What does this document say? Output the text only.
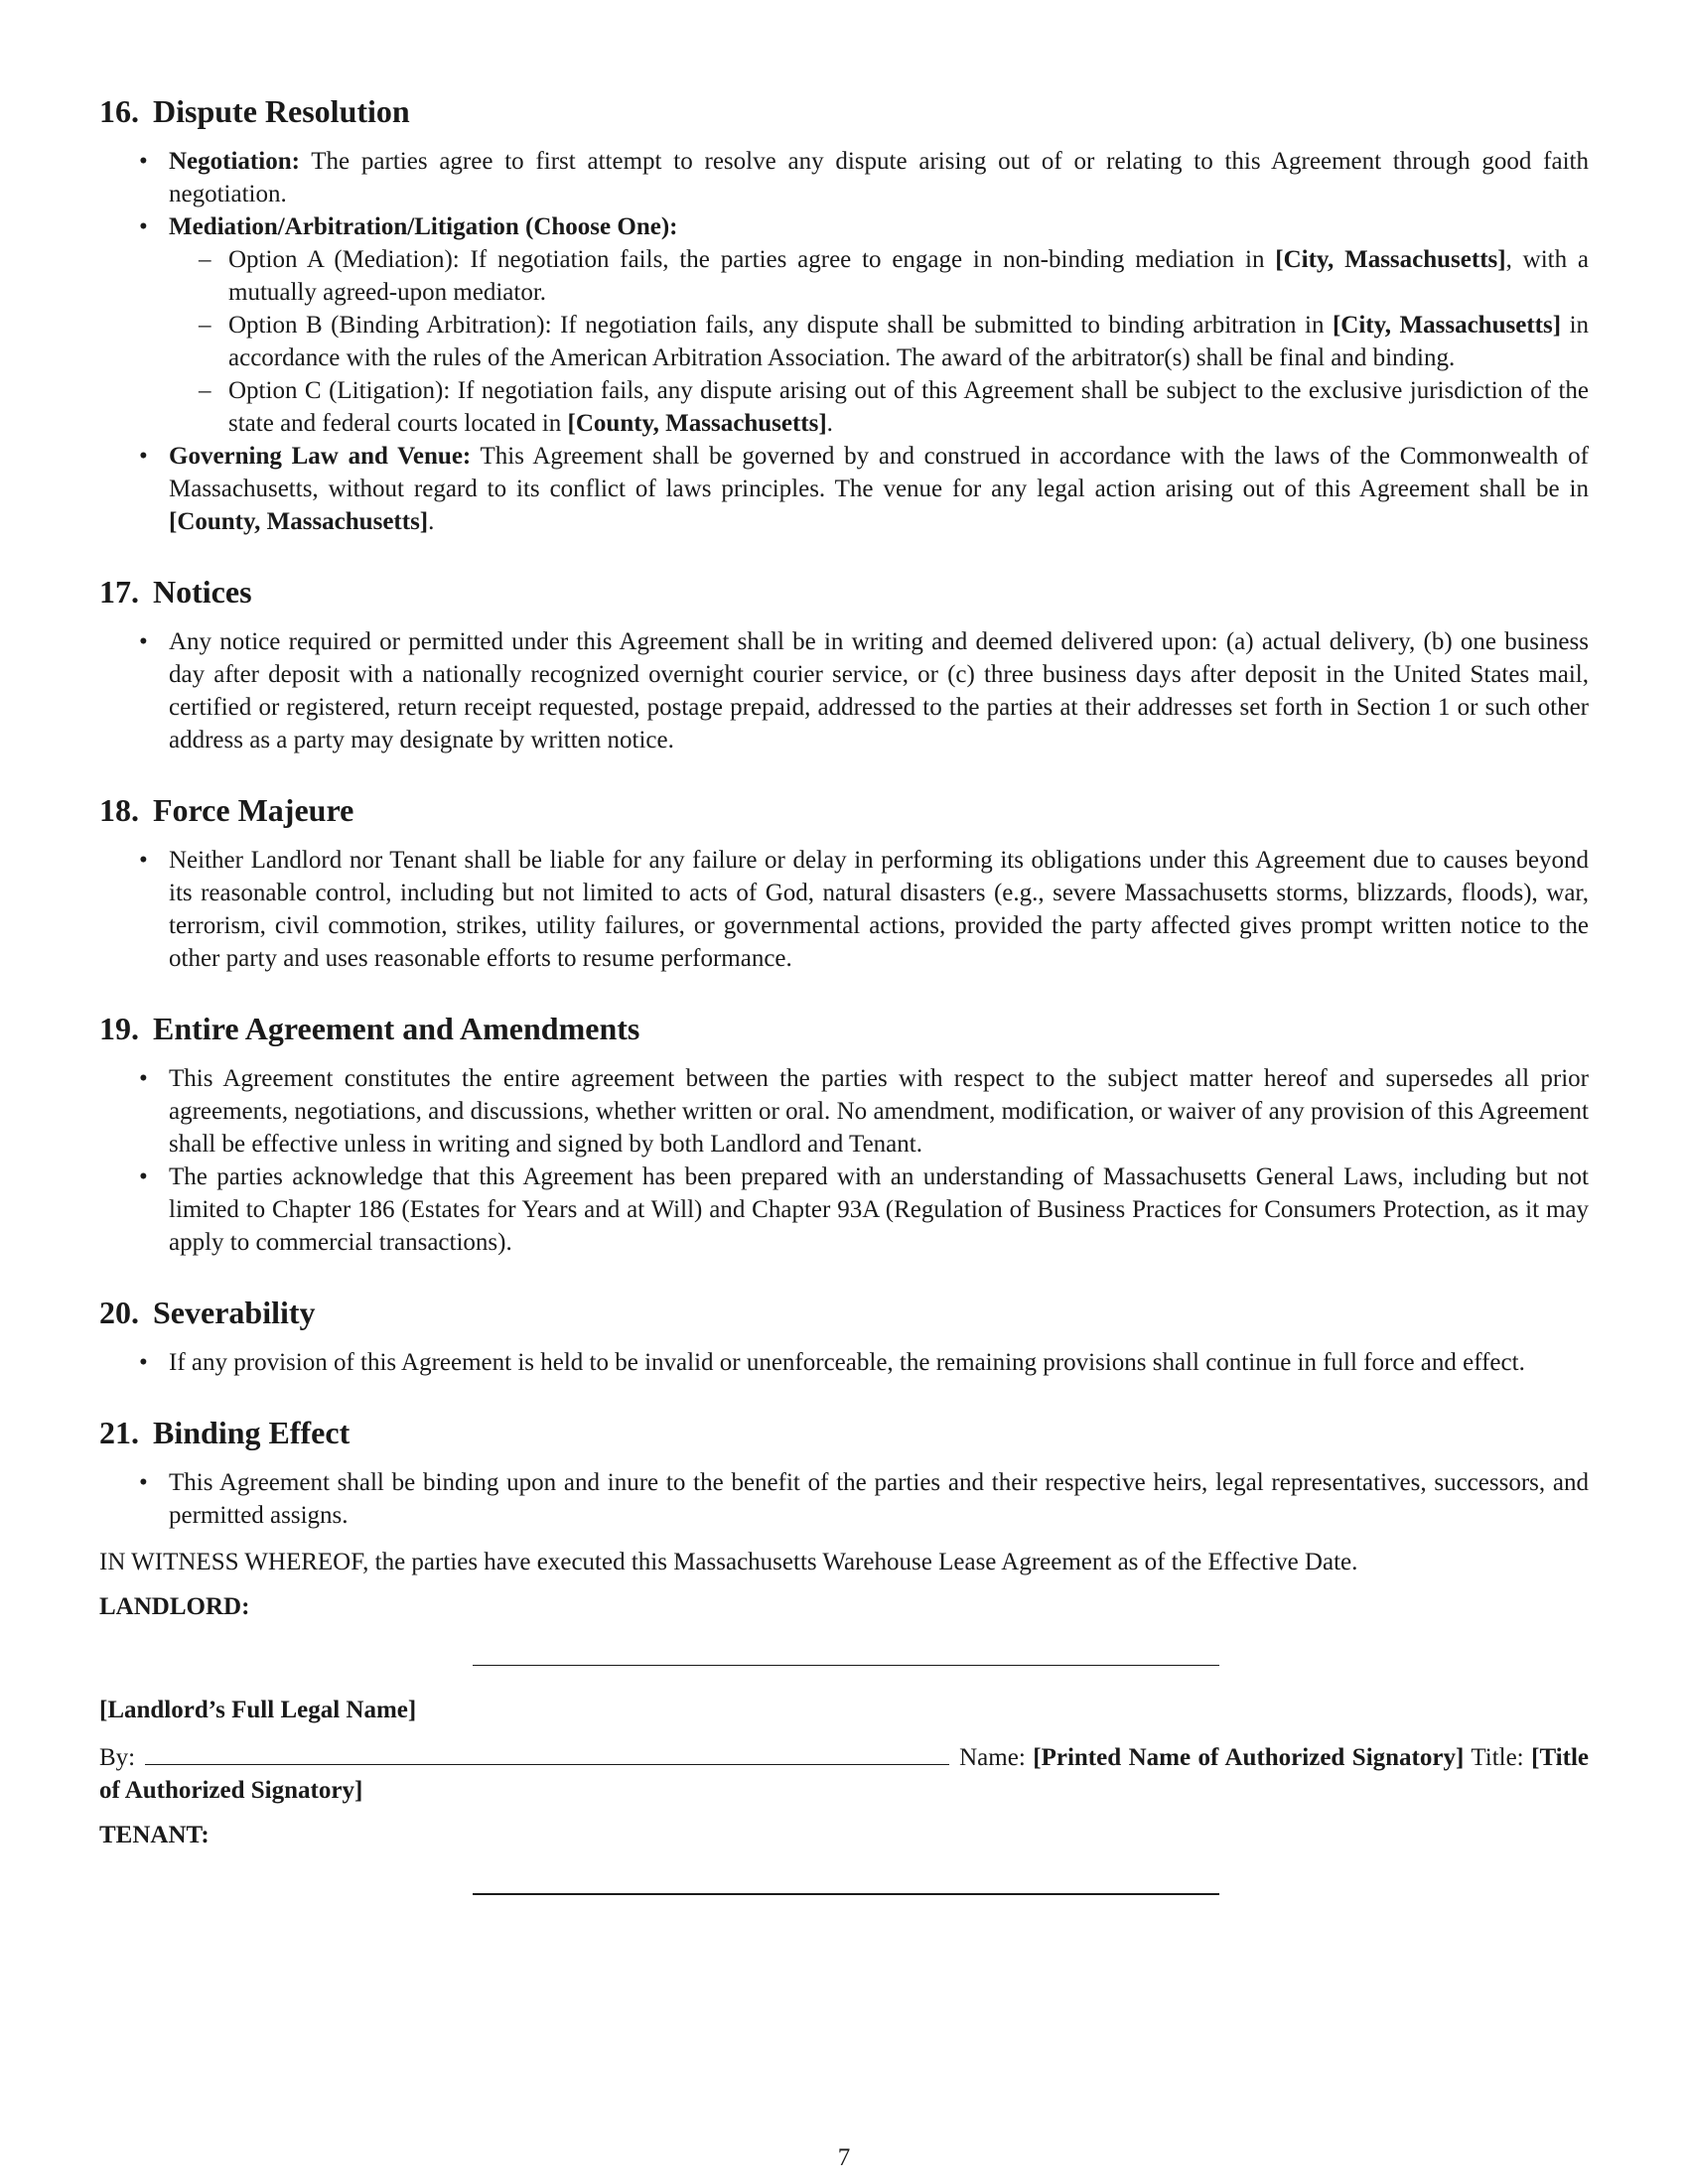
16. Dispute Resolution
• Negotiation: The parties agree to first attempt to resolve any dispute arising out of or relating to this Agreement through good faith negotiation.
• Mediation/Arbitration/Litigation (Choose One):
– Option A (Mediation): If negotiation fails, the parties agree to engage in non-binding mediation in [City, Massachusetts], with a mutually agreed-upon mediator.
– Option B (Binding Arbitration): If negotiation fails, any dispute shall be submitted to binding arbitration in [City, Massachusetts] in accordance with the rules of the American Arbitration Association. The award of the arbitrator(s) shall be final and binding.
– Option C (Litigation): If negotiation fails, any dispute arising out of this Agreement shall be subject to the exclusive jurisdiction of the state and federal courts located in [County, Massachusetts].
• Governing Law and Venue: This Agreement shall be governed by and construed in accordance with the laws of the Commonwealth of Massachusetts, without regard to its conflict of laws principles. The venue for any legal action arising out of this Agreement shall be in [County, Massachusetts].
17. Notices
• Any notice required or permitted under this Agreement shall be in writing and deemed delivered upon: (a) actual delivery, (b) one business day after deposit with a nationally recognized overnight courier service, or (c) three business days after deposit in the United States mail, certified or registered, return receipt requested, postage prepaid, addressed to the parties at their addresses set forth in Section 1 or such other address as a party may designate by written notice.
18. Force Majeure
• Neither Landlord nor Tenant shall be liable for any failure or delay in performing its obligations under this Agreement due to causes beyond its reasonable control, including but not limited to acts of God, natural disasters (e.g., severe Massachusetts storms, blizzards, floods), war, terrorism, civil commotion, strikes, utility failures, or governmental actions, provided the party affected gives prompt written notice to the other party and uses reasonable efforts to resume performance.
19. Entire Agreement and Amendments
• This Agreement constitutes the entire agreement between the parties with respect to the subject matter hereof and supersedes all prior agreements, negotiations, and discussions, whether written or oral. No amendment, modification, or waiver of any provision of this Agreement shall be effective unless in writing and signed by both Landlord and Tenant.
• The parties acknowledge that this Agreement has been prepared with an understanding of Massachusetts General Laws, including but not limited to Chapter 186 (Estates for Years and at Will) and Chapter 93A (Regulation of Business Practices for Consumers Protection, as it may apply to commercial transactions).
20. Severability
• If any provision of this Agreement is held to be invalid or unenforceable, the remaining provisions shall continue in full force and effect.
21. Binding Effect
• This Agreement shall be binding upon and inure to the benefit of the parties and their respective heirs, legal representatives, successors, and permitted assigns.

IN WITNESS WHEREOF, the parties have executed this Massachusetts Warehouse Lease Agreement as of the Effective Date.

LANDLORD:
[Landlord’s Full Legal Name]
By:	Name: [Printed Name of Authorized Signatory] Title: [Title of Authorized Signatory]
TENANT:
7
